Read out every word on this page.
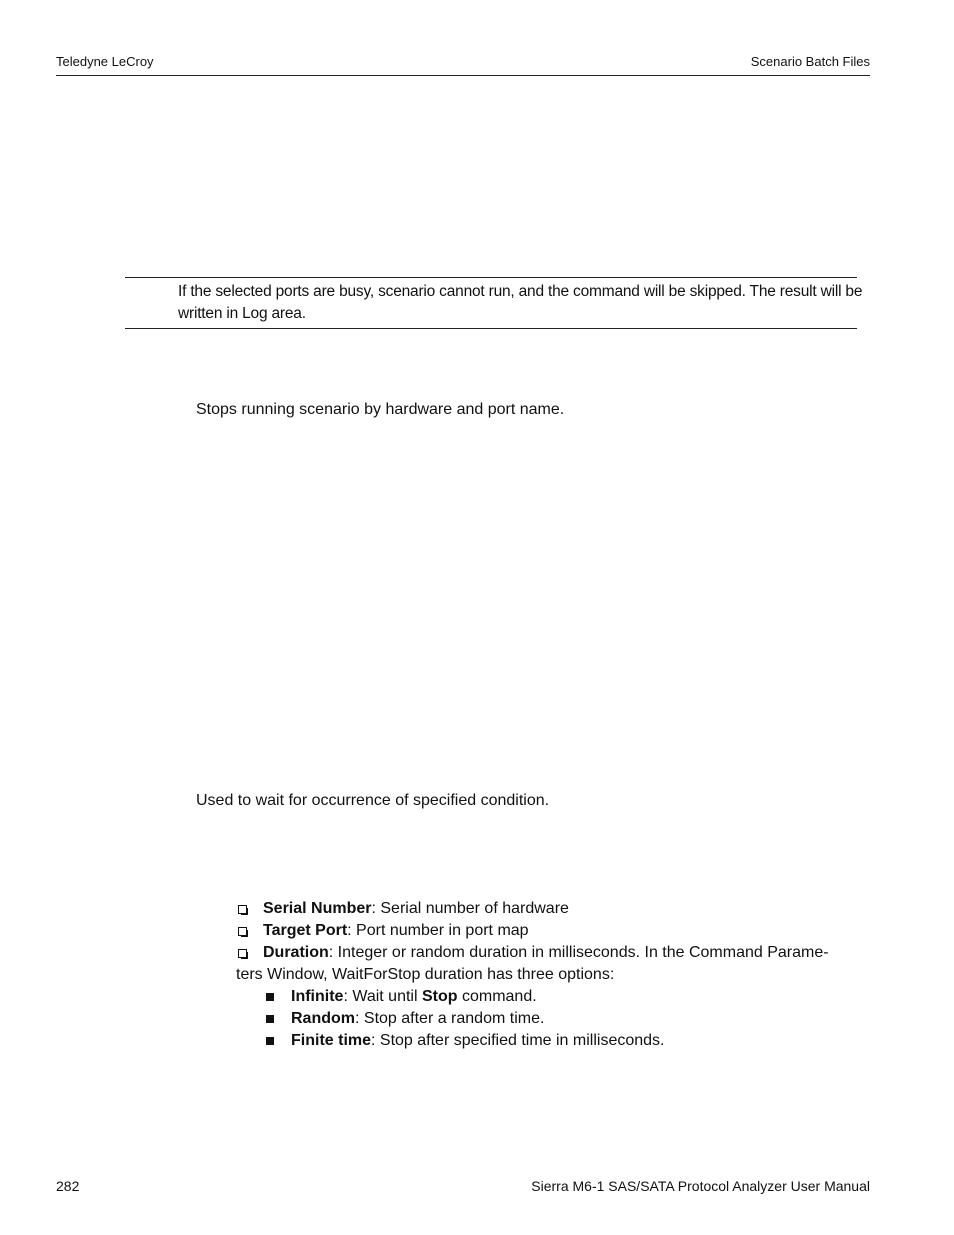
Teledyne LeCroy	Scenario Batch Files
If the selected ports are busy, scenario cannot run, and the command will be skipped. The result will be written in Log area.
Stops running scenario by hardware and port name.
Used to wait for occurrence of specified condition.
Serial Number: Serial number of hardware
Target Port: Port number in port map
Duration: Integer or random duration in milliseconds. In the Command Parame-
ters Window, WaitForStop duration has three options:
Infinite: Wait until Stop command.
Random: Stop after a random time.
Finite time: Stop after specified time in milliseconds.
282	Sierra M6-1 SAS/SATA Protocol Analyzer User Manual
